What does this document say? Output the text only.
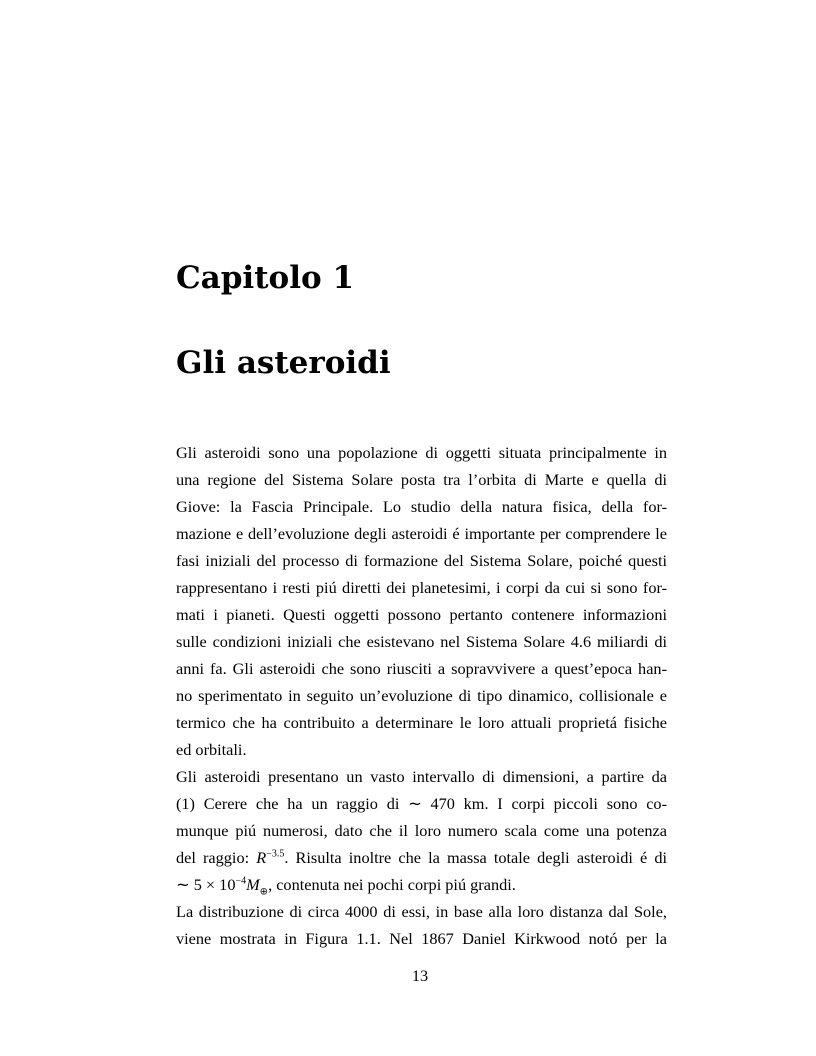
Capitolo 1
Gli asteroidi
Gli asteroidi sono una popolazione di oggetti situata principalmente in
una regione del Sistema Solare posta tra l’orbita di Marte e quella di
Giove: la Fascia Principale. Lo studio della natura fisica, della for-
mazione e dell’evoluzione degli asteroidi é importante per comprendere le
fasi iniziali del processo di formazione del Sistema Solare, poiché questi
rappresentano i resti piú diretti dei planetesimi, i corpi da cui si sono for-
mati i pianeti. Questi oggetti possono pertanto contenere informazioni
sulle condizioni iniziali che esistevano nel Sistema Solare 4.6 miliardi di
anni fa. Gli asteroidi che sono riusciti a sopravvivere a quest’epoca han-
no sperimentato in seguito un’evoluzione di tipo dinamico, collisionale e
termico che ha contribuito a determinare le loro attuali proprietá fisiche
ed orbitali.
Gli asteroidi presentano un vasto intervallo di dimensioni, a partire da
(1) Cerere che ha un raggio di ∼ 470 km. I corpi piccoli sono co-
munque piú numerosi, dato che il loro numero scala come una potenza
del raggio: $R^{-3.5}$. Risulta inoltre che la massa totale degli asteroidi é di
∼ $5 \times 10^{-4}M_\oplus$, contenuta nei pochi corpi piú grandi.
La distribuzione di circa 4000 di essi, in base alla loro distanza dal Sole,
viene mostrata in Figura 1.1. Nel 1867 Daniel Kirkwood notó per la
13
